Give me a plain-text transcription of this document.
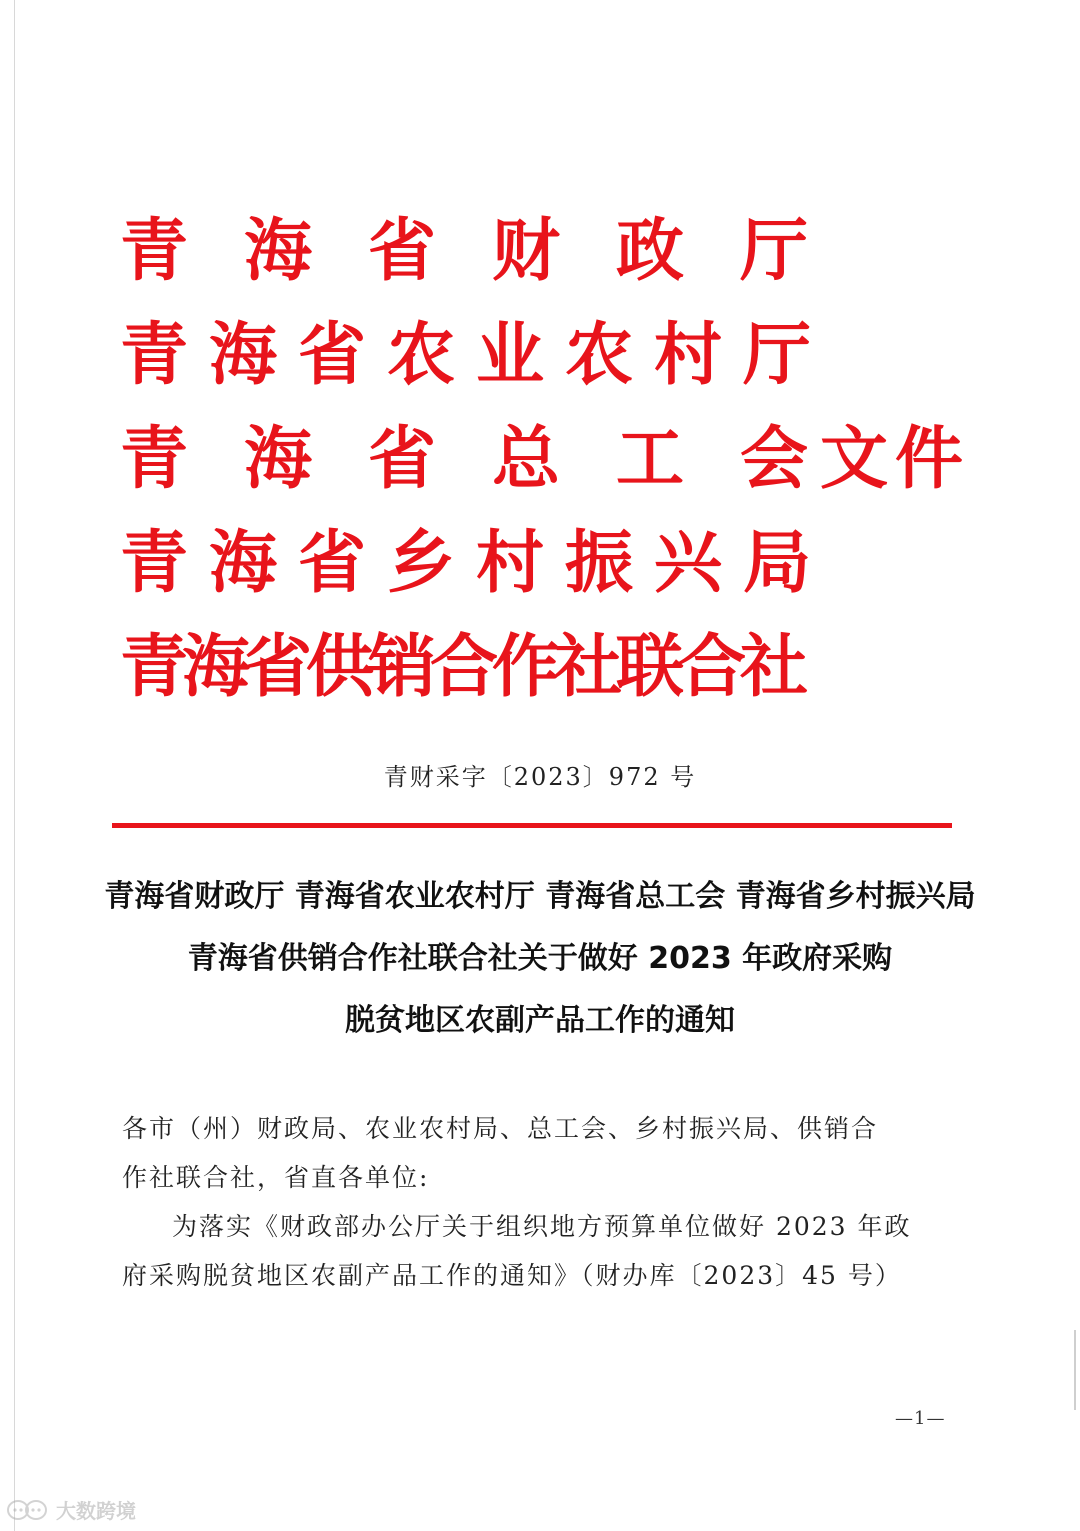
青 海 省 财 政 厅
青 海 省 农 业 农 村 厅
青 海 省 总 工 会 文 件
青 海 省 乡 村 振 兴 局
青
海
省
供
销
合
作
社
联
合
社
青财采字〔2023〕972 号
青海省财政厅 青海省农业农村厅 青海省总工会 青海省乡村振兴局
青海省供销合作社联合社关于做好 2023 年政府采购
脱贫地区农副产品工作的通知

各市（州）财政局、农业农村局、总工会、乡村振兴局、供销合

作社联合社，省直各单位:

为落实《财政部办公厅关于组织地方预算单位做好 2023 年政

府采购脱贫地区农副产品工作的通知》（财办库〔2023〕45 号）

—1—
大数跨境
